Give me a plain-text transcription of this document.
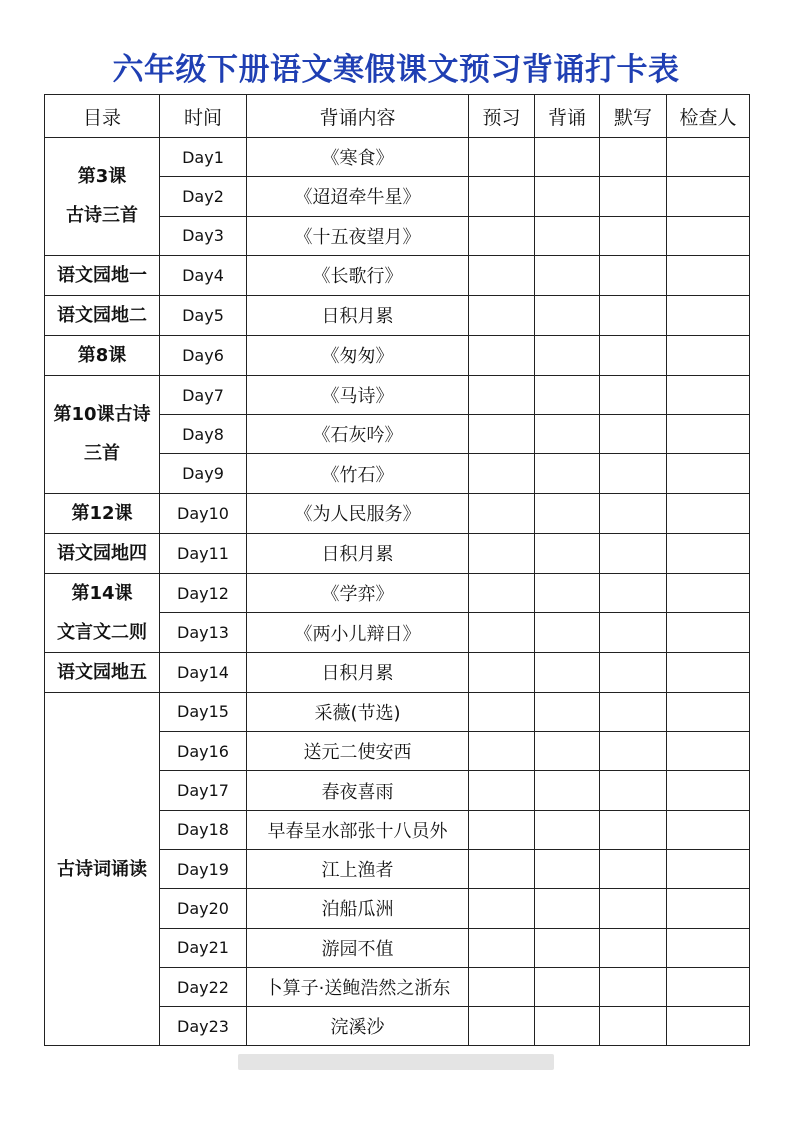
六年级下册语文寒假课文预习背诵打卡表
目录	时间	背诵内容	预习	背诵	默写	检查人

第3课
古诗三首	Day1	《寒食》				
	Day2	《迢迢牵牛星》				
	Day3	《十五夜望月》				

语文园地一	Day4	《长歌行》				

语文园地二	Day5	日积月累				

第8课	Day6	《匆匆》				

第10课古诗
三首	Day7	《马诗》				
	Day8	《石灰吟》				
	Day9	《竹石》				

第12课	Day10	《为人民服务》				

语文园地四	Day11	日积月累				

第14课
文言文二则	Day12	《学弈》				
	Day13	《两小儿辩日》				

语文园地五	Day14	日积月累				

古诗词诵读	Day15	采薇(节选)				
	Day16	送元二使安西				
	Day17	春夜喜雨				
	Day18	早春呈水部张十八员外				
	Day19	江上渔者				
	Day20	泊船瓜洲				
	Day21	游园不值				
	Day22	卜算子·送鲍浩然之浙东				
	Day23	浣溪沙				
